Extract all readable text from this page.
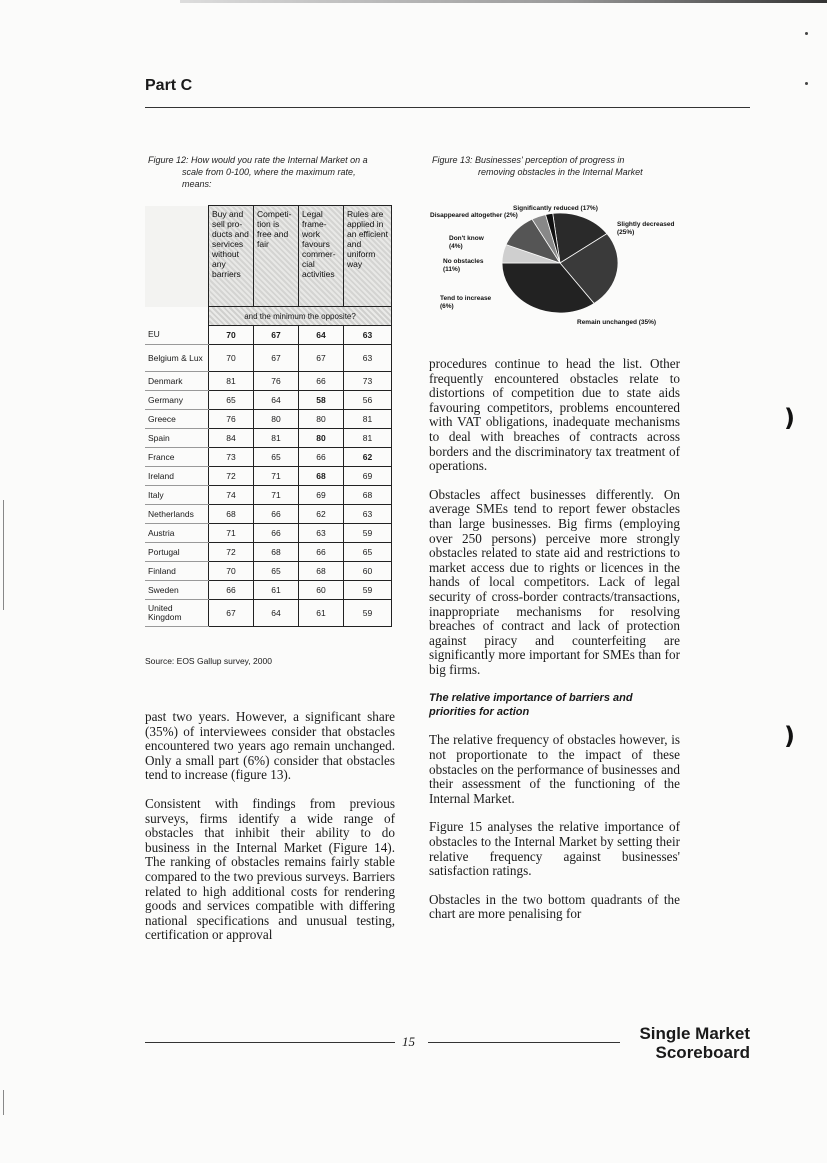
Part C
Figure 12: How would you rate the Internal Market on a
scale from 0-100, where the maximum rate,
means:

	Buy and sell pro-ducts and services without any barriers	Competi-tion is free and fair	Legal frame-work favours commer-cial activities	Rules are applied in an efficient and uniform way

	and the minimum the opposite?			
EU	70	67	64	63
Belgium & Lux	70	67	67	63
Denmark	81	76	66	73
Germany	65	64	58	56
Greece	76	80	80	81
Spain	84	81	80	81
France	73	65	66	62
Ireland	72	71	68	69
Italy	74	71	69	68
Netherlands	68	66	62	63
Austria	71	66	63	59
Portugal	72	68	66	65
Finland	70	65	68	60
Sweden	66	61	60	59
United Kingdom	67	64	61	59
Source: EOS Gallup survey, 2000
Figure 13: Businesses' perception of progress in
removing obstacles in the Internal Market
Significantly reduced (17%)
Slightly decreased (25%)
Remain unchanged (35%)
Tend to increase (6%)
No obstacles (11%)
Don't know (4%)
Disappeared altogether (2%)

procedures continue to head the list. Other frequently encountered obstacles relate to distortions of competition due to state aids favouring competitors, problems encountered with VAT obligations, inadequate mechanisms to deal with breaches of contracts across borders and the discriminatory tax treatment of operations.

Obstacles affect businesses differently. On average SMEs tend to report fewer obstacles than large businesses. Big firms (employing over 250 persons) perceive more strongly obstacles related to state aid and restrictions to market access due to rights or licences in the hands of local competitors. Lack of legal security of cross-border contracts/transactions, inappropriate mechanisms for resolving breaches of contract and lack of protection against piracy and counterfeiting are significantly more important for SMEs than for big firms.

The relative importance of barriers and priorities for action

The relative frequency of obstacles however, is not proportionate to the impact of these obstacles on the performance of businesses and their assessment of the functioning of the Internal Market.

Figure 15 analyses the relative importance of obstacles to the Internal Market by setting their relative frequency against businesses' satisfaction ratings.

Obstacles in the two bottom quadrants of the chart are more penalising for

past two years. However, a significant share (35%) of interviewees consider that obstacles encountered two years ago remain unchanged. Only a small part (6%) consider that obstacles tend to increase (figure 13).

Consistent with findings from previous surveys, firms identify a wide range of obstacles that inhibit their ability to do business in the Internal Market (Figure 14). The ranking of obstacles remains fairly stable compared to the two previous surveys. Barriers related to high additional costs for rendering goods and services compatible with differing national specifications and unusual testing, certification or approval

)
)
15	Single Market
Scoreboard
